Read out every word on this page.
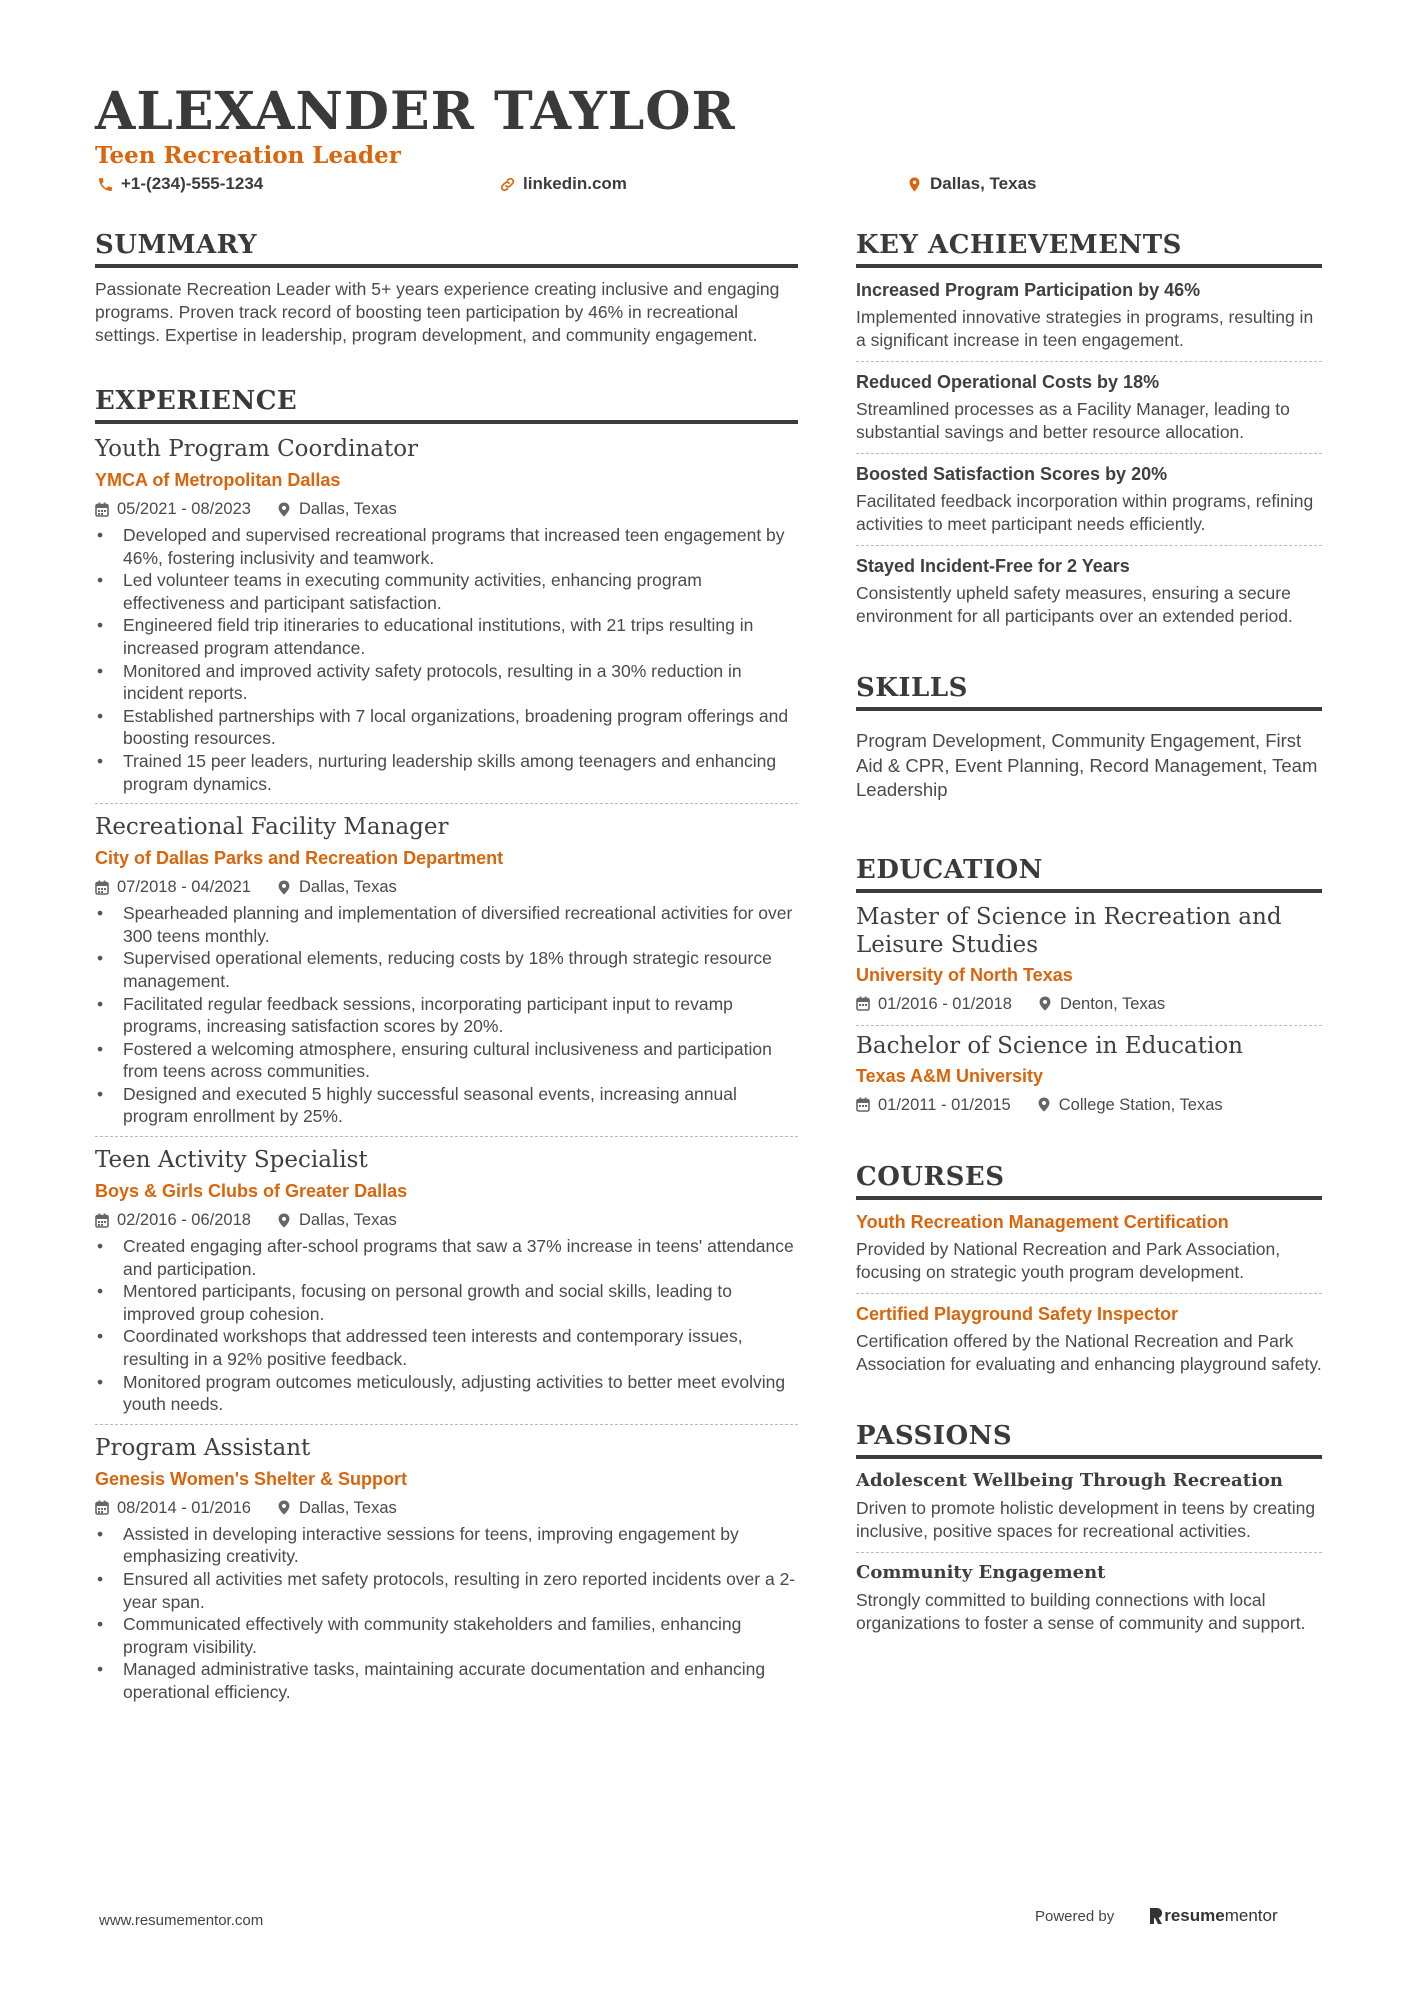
ALEXANDER TAYLOR
Teen Recreation Leader
+1-(234)-555-1234	linkedin.com	Dallas, Texas
SUMMARY
Passionate Recreation Leader with 5+ years experience creating inclusive and engaging programs. Proven track record of boosting teen participation by 46% in recreational settings. Expertise in leadership, program development, and community engagement.
EXPERIENCE
Youth Program Coordinator
YMCA of Metropolitan Dallas
05/2021 - 08/2023	Dallas, Texas
• Developed and supervised recreational programs that increased teen engagement by 46%, fostering inclusivity and teamwork.
• Led volunteer teams in executing community activities, enhancing program effectiveness and participant satisfaction.
• Engineered field trip itineraries to educational institutions, with 21 trips resulting in increased program attendance.
• Monitored and improved activity safety protocols, resulting in a 30% reduction in incident reports.
• Established partnerships with 7 local organizations, broadening program offerings and boosting resources.
• Trained 15 peer leaders, nurturing leadership skills among teenagers and enhancing program dynamics.
Recreational Facility Manager
City of Dallas Parks and Recreation Department
07/2018 - 04/2021	Dallas, Texas
• Spearheaded planning and implementation of diversified recreational activities for over 300 teens monthly.
• Supervised operational elements, reducing costs by 18% through strategic resource management.
• Facilitated regular feedback sessions, incorporating participant input to revamp programs, increasing satisfaction scores by 20%.
• Fostered a welcoming atmosphere, ensuring cultural inclusiveness and participation from teens across communities.
• Designed and executed 5 highly successful seasonal events, increasing annual program enrollment by 25%.
Teen Activity Specialist
Boys & Girls Clubs of Greater Dallas
02/2016 - 06/2018	Dallas, Texas
• Created engaging after-school programs that saw a 37% increase in teens' attendance and participation.
• Mentored participants, focusing on personal growth and social skills, leading to improved group cohesion.
• Coordinated workshops that addressed teen interests and contemporary issues, resulting in a 92% positive feedback.
• Monitored program outcomes meticulously, adjusting activities to better meet evolving youth needs.
Program Assistant
Genesis Women's Shelter & Support
08/2014 - 01/2016	Dallas, Texas
• Assisted in developing interactive sessions for teens, improving engagement by emphasizing creativity.
• Ensured all activities met safety protocols, resulting in zero reported incidents over a 2-year span.
• Communicated effectively with community stakeholders and families, enhancing program visibility.
• Managed administrative tasks, maintaining accurate documentation and enhancing operational efficiency.
KEY ACHIEVEMENTS
Increased Program Participation by 46%
Implemented innovative strategies in programs, resulting in a significant increase in teen engagement.
Reduced Operational Costs by 18%
Streamlined processes as a Facility Manager, leading to substantial savings and better resource allocation.
Boosted Satisfaction Scores by 20%
Facilitated feedback incorporation within programs, refining activities to meet participant needs efficiently.
Stayed Incident-Free for 2 Years
Consistently upheld safety measures, ensuring a secure environment for all participants over an extended period.
SKILLS
Program Development, Community Engagement, First Aid & CPR, Event Planning, Record Management, Team Leadership
EDUCATION
Master of Science in Recreation and Leisure Studies
University of North Texas
01/2016 - 01/2018	Denton, Texas
Bachelor of Science in Education
Texas A&M University
01/2011 - 01/2015	College Station, Texas
COURSES
Youth Recreation Management Certification
Provided by National Recreation and Park Association, focusing on strategic youth program development.
Certified Playground Safety Inspector
Certification offered by the National Recreation and Park Association for evaluating and enhancing playground safety.
PASSIONS
Adolescent Wellbeing Through Recreation
Driven to promote holistic development in teens by creating inclusive, positive spaces for recreational activities.
Community Engagement
Strongly committed to building connections with local organizations to foster a sense of community and support.
www.resumementor.com	Powered by	resume mentor
